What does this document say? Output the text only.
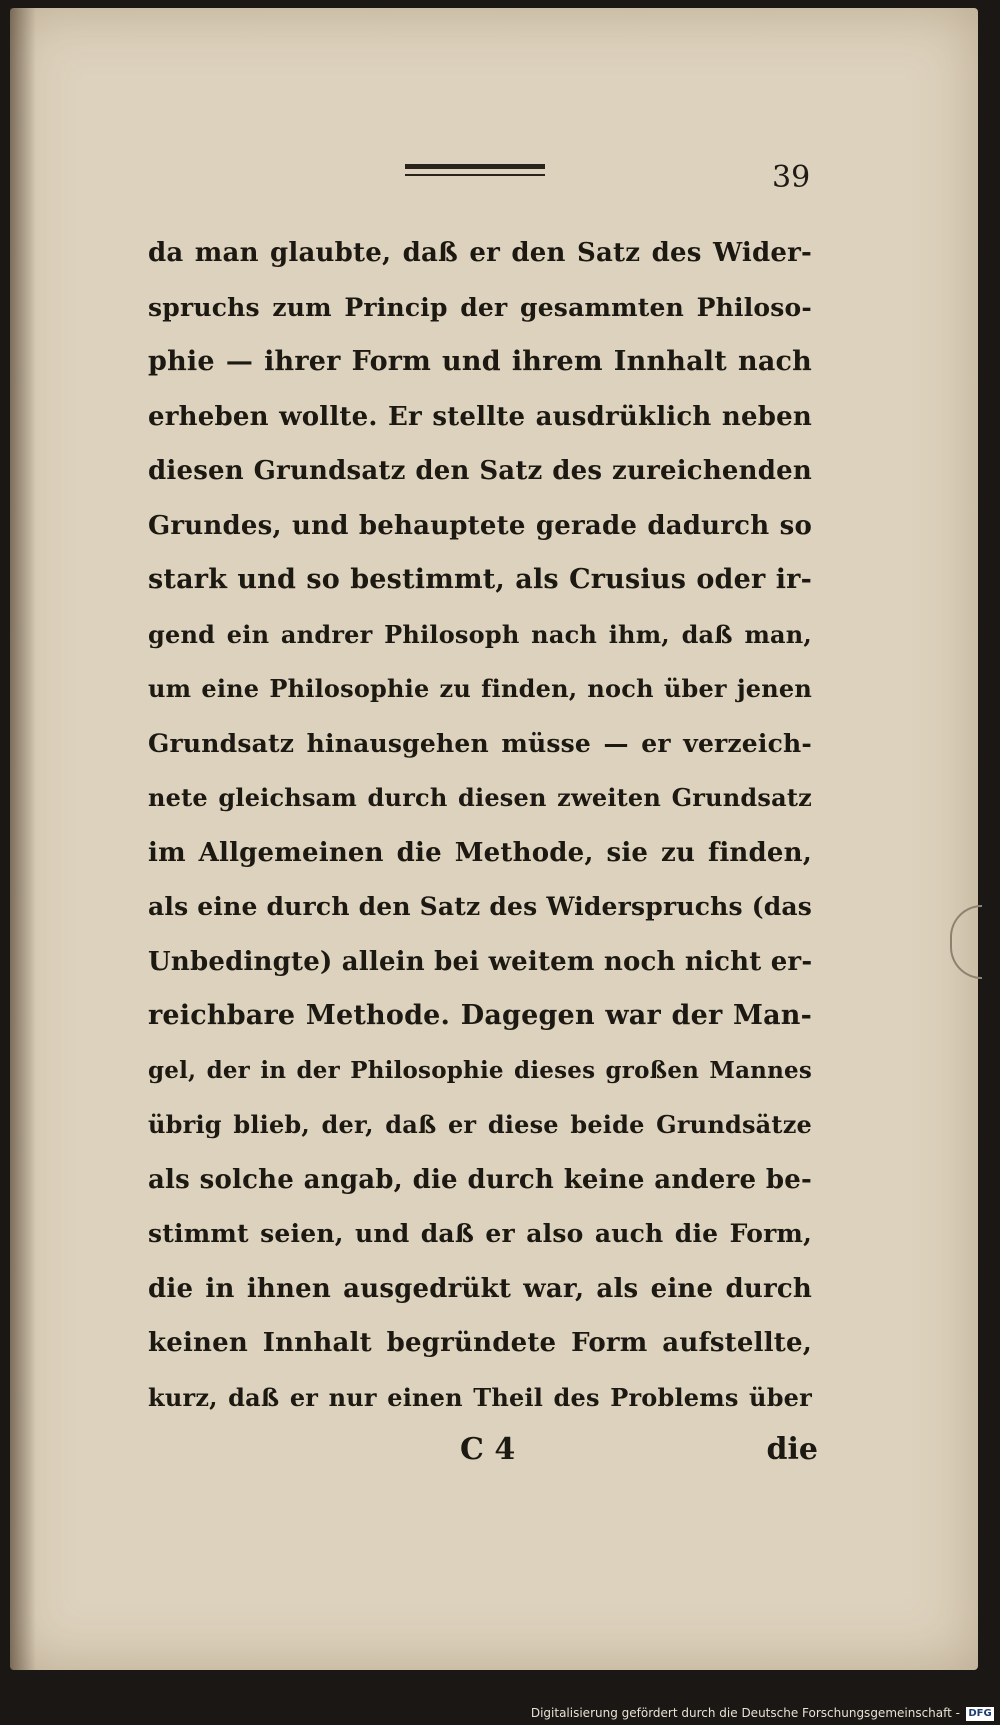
39
da man glaubte, daß er den Satz des Wider-
spruchs zum Princip der gesammten Philoso-
phie — ihrer Form und ihrem Innhalt nach
erheben wollte. Er stellte ausdrüklich neben
diesen Grundsatz den Satz des zureichenden
Grundes, und behauptete gerade dadurch so
stark und so bestimmt, als Crusius oder ir-
gend ein andrer Philosoph nach ihm, daß man,
um eine Philosophie zu finden, noch über jenen
Grundsatz hinausgehen müsse — er verzeich-
nete gleichsam durch diesen zweiten Grundsatz
im Allgemeinen die Methode, sie zu finden,
als eine durch den Satz des Widerspruchs (das
Unbedingte) allein bei weitem noch nicht er-
reichbare Methode. Dagegen war der Man-
gel, der in der Philosophie dieses großen Mannes
übrig blieb, der, daß er diese beide Grundsätze
als solche angab, die durch keine andere be-
stimmt seien, und daß er also auch die Form,
die in ihnen ausgedrükt war, als eine durch
keinen Innhalt begründete Form aufstellte,
kurz, daß er nur einen Theil des Problems über
C 4	die
Digitalisierung gefördert durch die Deutsche Forschungsgemeinschaft - DFG
